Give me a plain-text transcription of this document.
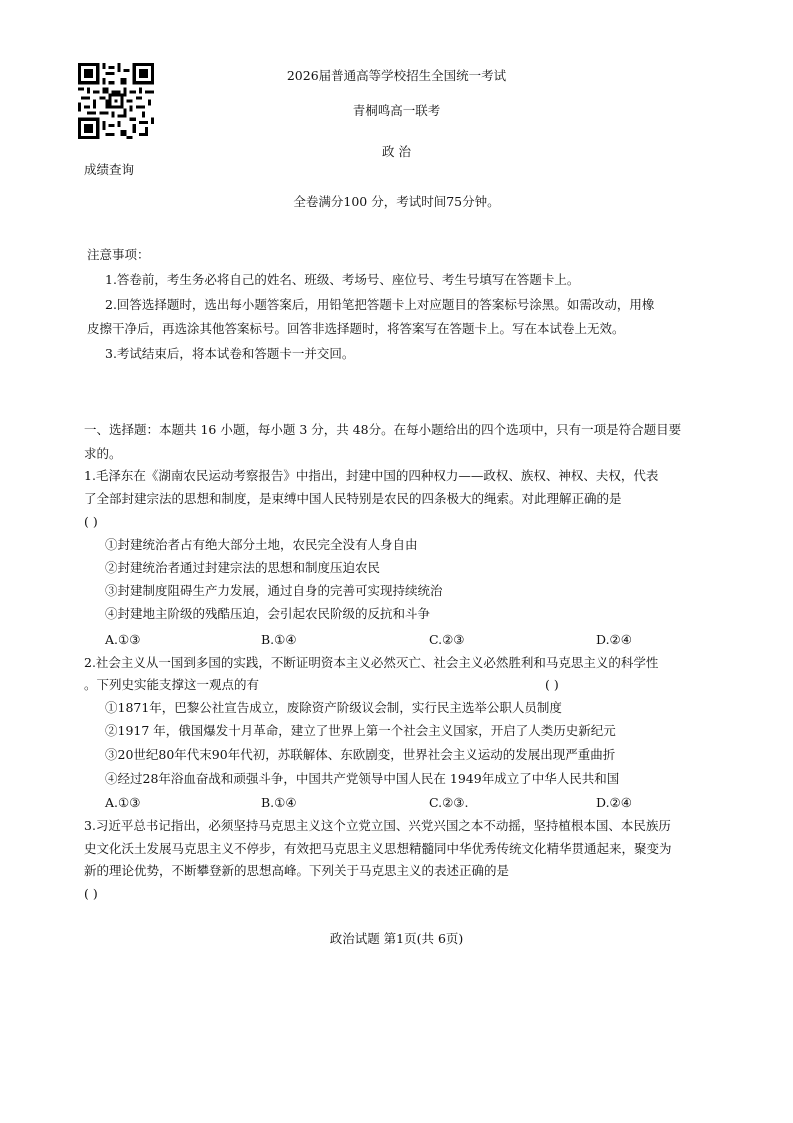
成绩查询
2026届普通高等学校招生全国统一考试
青桐鸣高一联考
政 治
全卷满分100 分，考试时间75分钟。
注意事项：
1.答卷前，考生务必将自己的姓名、班级、考场号、座位号、考生号填写在答题卡上。
2.回答选择题时，选出每小题答案后，用铅笔把答题卡上对应题目的答案标号涂黑。如需改动，用橡
皮擦干净后，再选涂其他答案标号。回答非选择题时，将答案写在答题卡上。写在本试卷上无效。
3.考试结束后，将本试卷和答题卡一并交回。
一、选择题：本题共 16 小题，每小题 3 分，共 48分。在每小题给出的四个选项中，只有一项是符合题目要
求的。
1.毛泽东在《湖南农民运动考察报告》中指出，封建中国的四种权力——政权、族权、神权、夫权，代表
了全部封建宗法的思想和制度，是束缚中国人民特别是农民的四条极大的绳索。对此理解正确的是
( )
①封建统治者占有绝大部分土地，农民完全没有人身自由
②封建统治者通过封建宗法的思想和制度压迫农民
③封建制度阻碍生产力发展，通过自身的完善可实现持续统治
④封建地主阶级的残酷压迫，会引起农民阶级的反抗和斗争
A.①③	B.①④	C.②③	D.②④
2.社会主义从一国到多国的实践，不断证明资本主义必然灭亡、社会主义必然胜利和马克思主义的科学性
。下列史实能支撑这一观点的有	( )
①1871年，巴黎公社宣告成立，废除资产阶级议会制，实行民主选举公职人员制度
②1917 年，俄国爆发十月革命，建立了世界上第一个社会主义国家，开启了人类历史新纪元
③20世纪80年代末90年代初，苏联解体、东欧剧变，世界社会主义运动的发展出现严重曲折
④经过28年浴血奋战和顽强斗争，中国共产党领导中国人民在 1949年成立了中华人民共和国
A.①③	B.①④	C.②③.	D.②④
3.习近平总书记指出，必须坚持马克思主义这个立党立国、兴党兴国之本不动摇，坚持植根本国、本民族历
史文化沃土发展马克思主义不停步，有效把马克思主义思想精髓同中华优秀传统文化精华贯通起来，聚变为
新的理论优势，不断攀登新的思想高峰。下列关于马克思主义的表述正确的是
( )
政治试题 第1页(共 6页)
